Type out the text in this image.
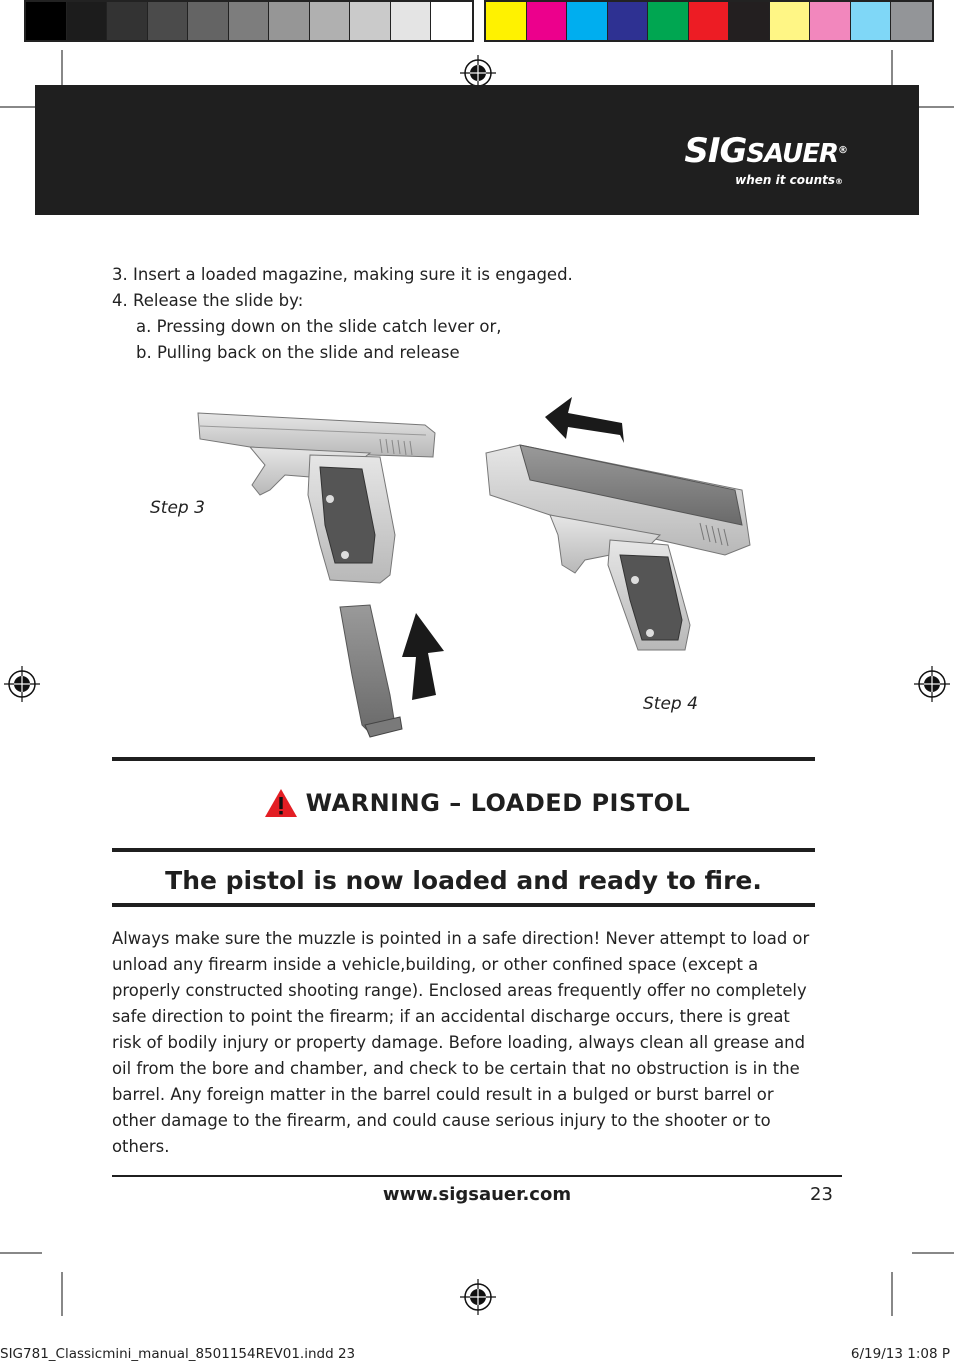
SIGSAUER®
when it counts®
3. Insert a loaded magazine, making sure it is engaged.
4. Release the slide by:
a. Pressing down on the slide catch lever or,
b. Pulling back on the slide and release
Step 3
Step 4
WARNING – LOADED PISTOL
The pistol is now loaded and ready to fire.
Always make sure the muzzle is pointed in a safe direction! Never attempt to load or unload any firearm inside a vehicle,building, or other confined space (except a properly constructed shooting range). Enclosed areas frequently offer no completely safe direction to point the firearm; if an accidental discharge occurs, there is great risk of bodily injury or property damage. Before loading, always clean all grease and oil from the bore and chamber, and check to be certain that no obstruction is in the barrel. Any foreign matter in the barrel could result in a bulged or burst barrel or other damage to the firearm, and could cause serious injury to the shooter or to others.
www.sigsauer.com	23
SIG781_Classicmini_manual_8501154REV01.indd 23	6/19/13 1:08 P
